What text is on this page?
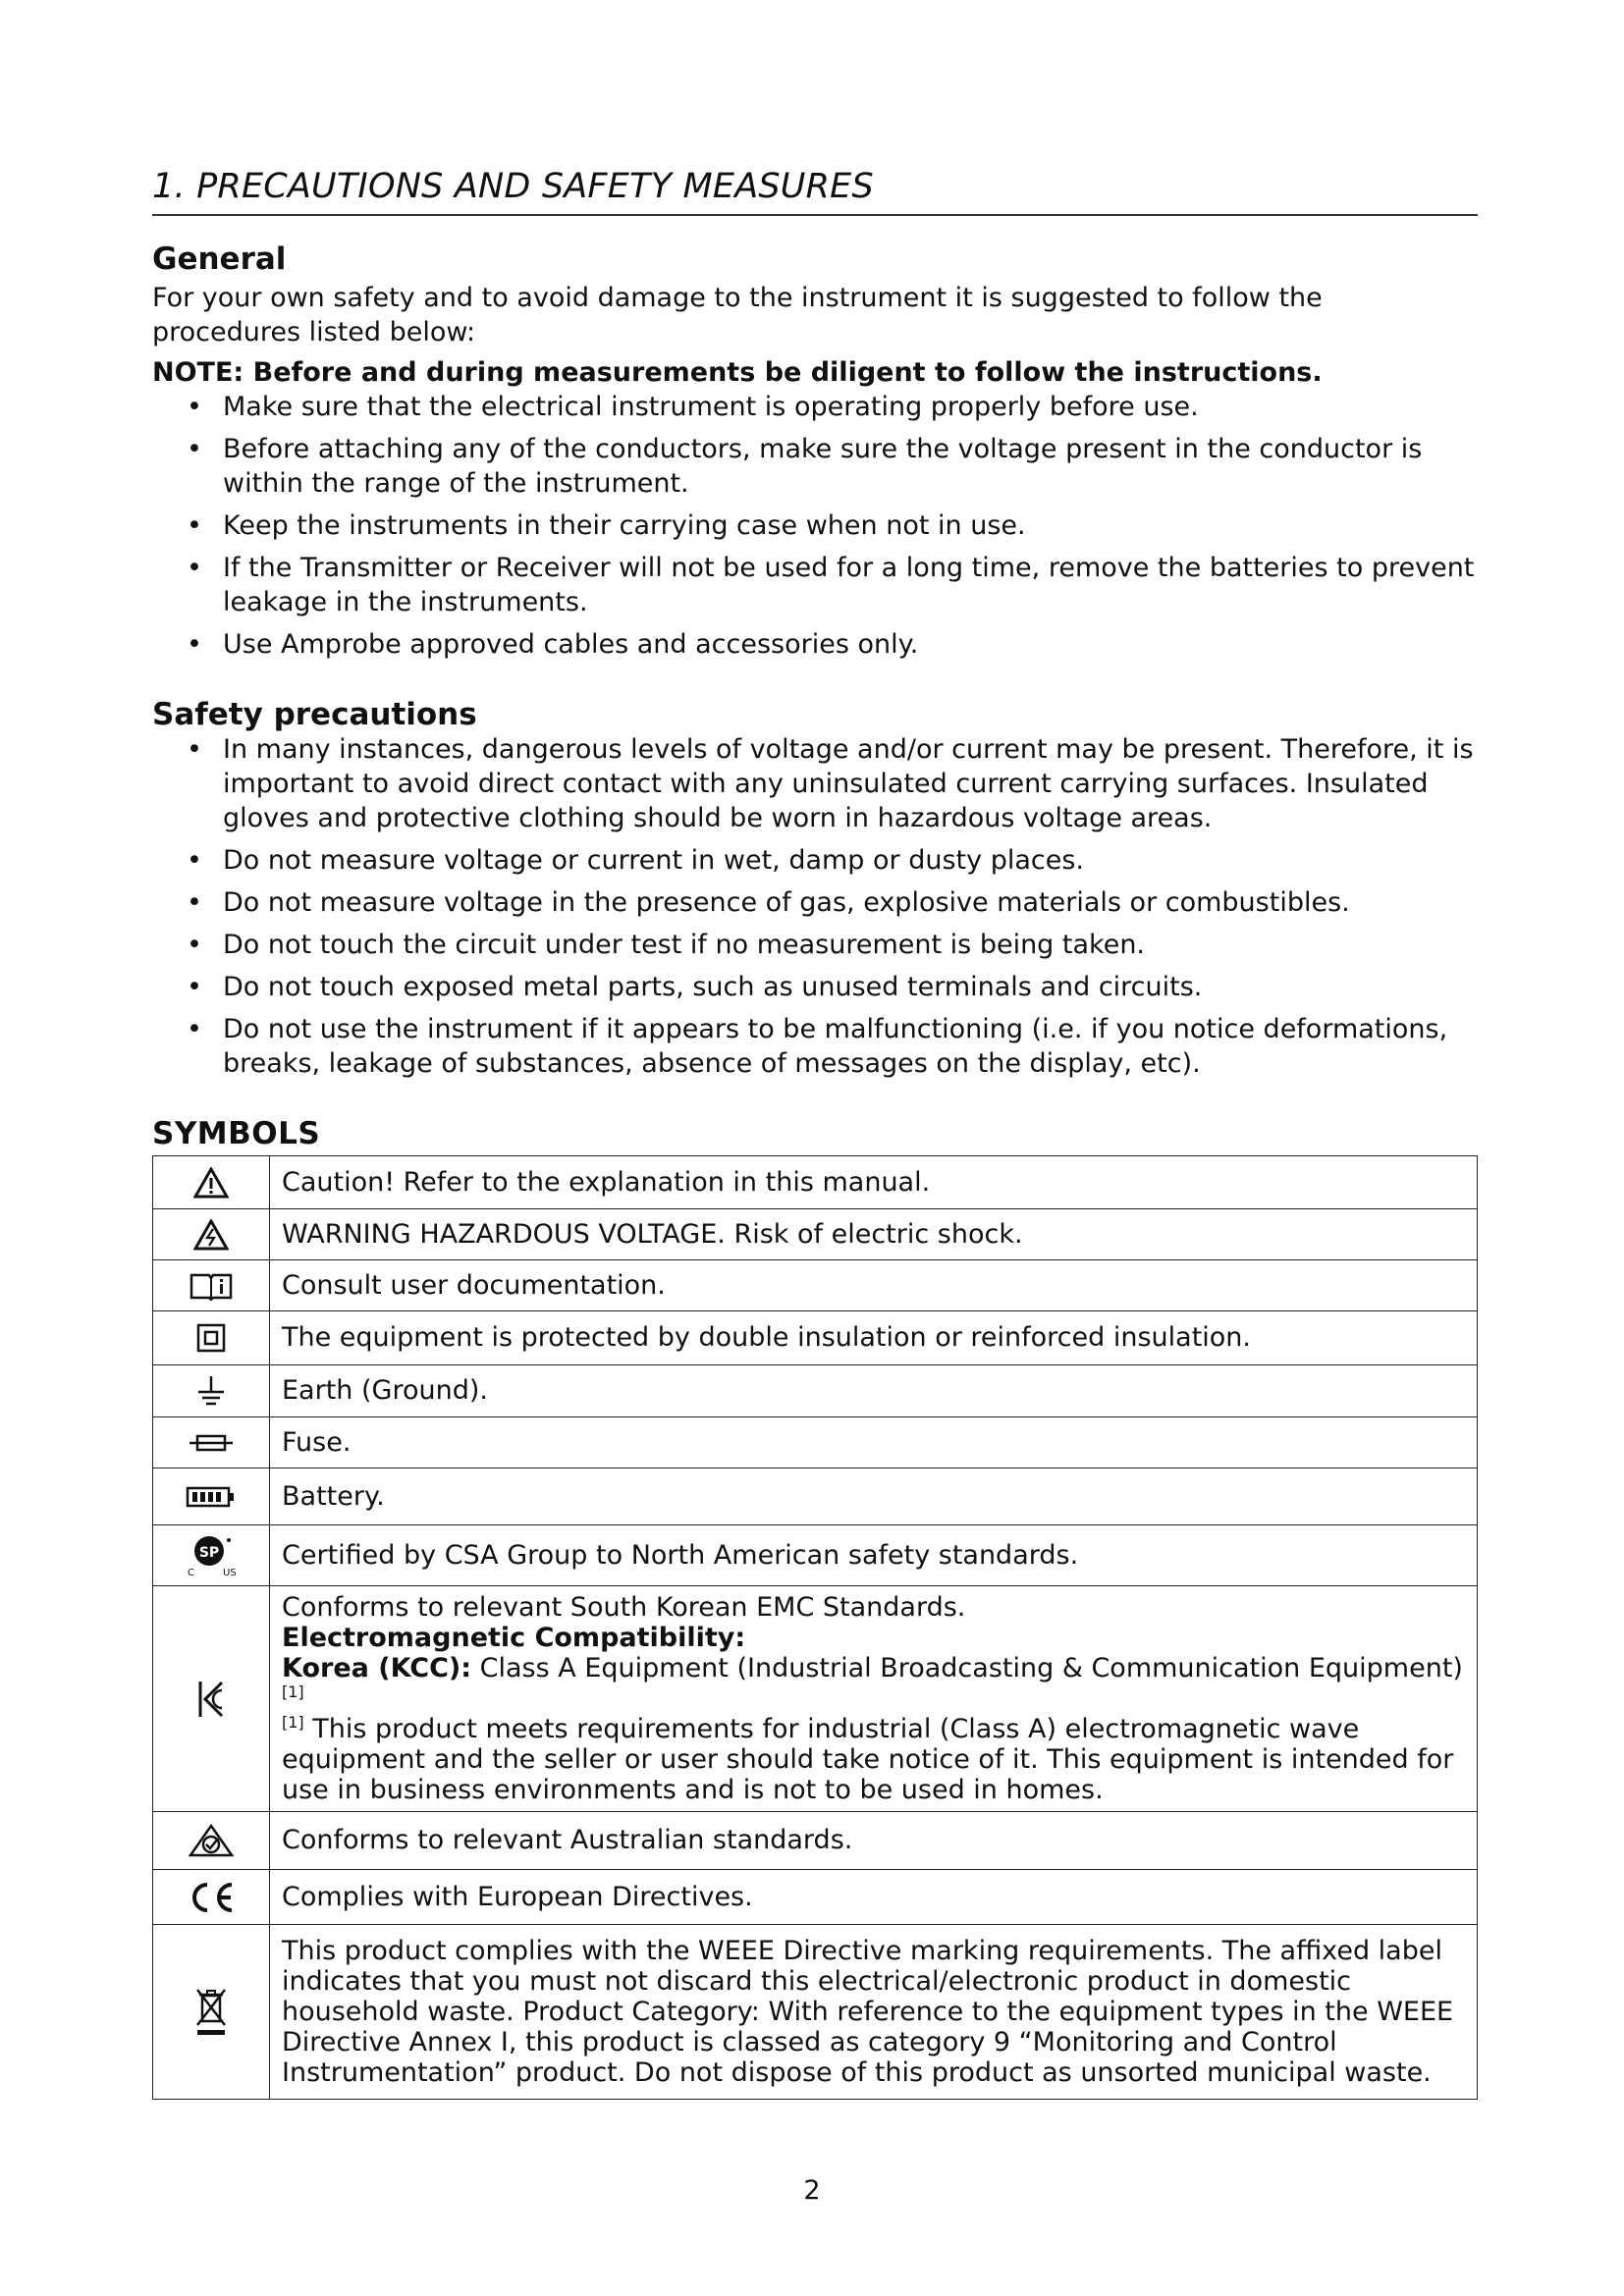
1. PRECAUTIONS AND SAFETY MEASURES
General

For your own safety and to avoid damage to the instrument it is suggested to follow the procedures listed below:

NOTE: Before and during measurements be diligent to follow the instructions.

• Make sure that the electrical instrument is operating properly before use.
• Before attaching any of the conductors, make sure the voltage present in the conductor is within the range of the instrument.
• Keep the instruments in their carrying case when not in use.
• If the Transmitter or Receiver will not be used for a long time, remove the batteries to prevent leakage in the instruments.
• Use Amprobe approved cables and accessories only.
Safety precautions
• In many instances, dangerous levels of voltage and/or current may be present. Therefore, it is important to avoid direct contact with any uninsulated current carrying surfaces. Insulated gloves and protective clothing should be worn in hazardous voltage areas.
• Do not measure voltage or current in wet, damp or dusty places.
• Do not measure voltage in the presence of gas, explosive materials or combustibles.
• Do not touch the circuit under test if no measurement is being taken.
• Do not touch exposed metal parts, such as unused terminals and circuits.
• Do not use the instrument if it appears to be malfunctioning (i.e. if you notice deformations, breaks, leakage of substances, absence of messages on the display, etc).
SYMBOLS
	Caution! Refer to the explanation in this manual.

	WARNING HAZARDOUS VOLTAGE. Risk of electric shock.

	Consult user documentation.

	The equipment is protected by double insulation or reinforced insulation.

	Earth (Ground).

	Fuse.

	Battery.

SP
C US	Certified by CSA Group to North American safety standards.

Conforms to relevant South Korean EMC Standards.
Electromagnetic Compatibility:
Korea (KCC): Class A Equipment (Industrial Broadcasting & Communication Equipment) [1]
[1] This product meets requirements for industrial (Class A) electromagnetic wave equipment and the seller or user should take notice of it. This equipment is intended for use in business environments and is not to be used in homes.

	Conforms to relevant Australian standards.

	Complies with European Directives.

	This product complies with the WEEE Directive marking requirements. The affixed label indicates that you must not discard this electrical/electronic product in domestic household waste. Product Category: With reference to the equipment types in the WEEE Directive Annex I, this product is classed as category 9 “Monitoring and Control Instrumentation” product. Do not dispose of this product as unsorted municipal waste.
2
